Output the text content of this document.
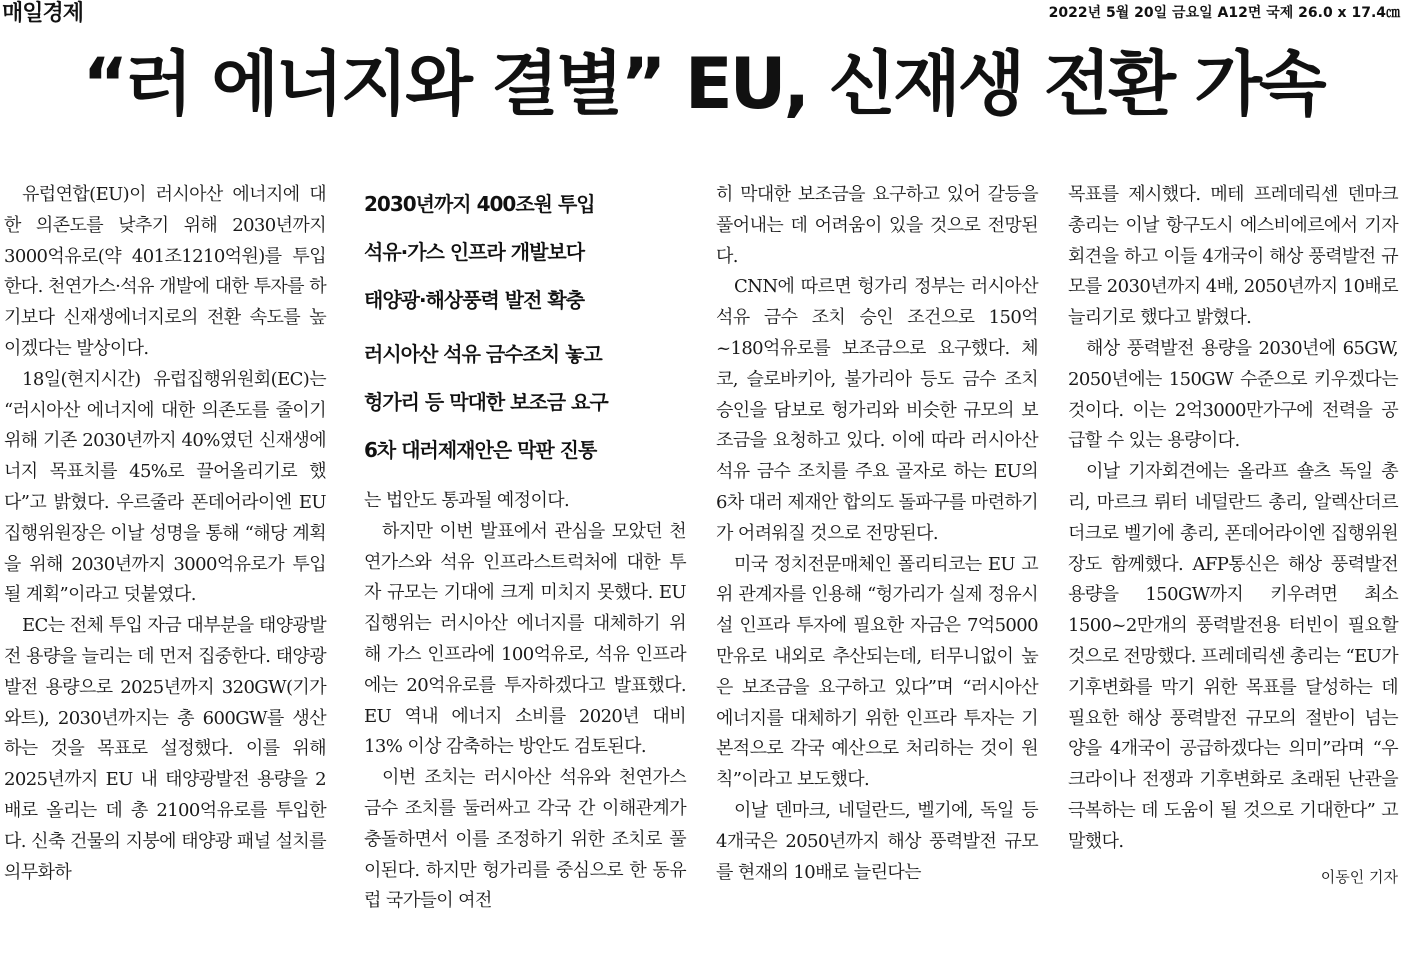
매일경제	2022년 5월 20일 금요일 A12면 국제 26.0 x 17.4㎝
“러 에너지와 결별” EU, 신재생 전환 가속

유럽연합(EU)이 러시아산 에너지에 대한 의존도를 낮추기 위해 2030년까지 3000억유로(약 401조1210억원)를 투입한다. 천연가스·석유 개발에 대한 투자를 하기보다 신재생에너지로의 전환 속도를 높이겠다는 발상이다.

18일(현지시간) 유럽집행위원회(EC)는 “러시아산 에너지에 대한 의존도를 줄이기 위해 기존 2030년까지 40%였던 신재생에너지 목표치를 45%로 끌어올리기로 했다”고 밝혔다. 우르줄라 폰데어라이엔 EU 집행위원장은 이날 성명을 통해 “해당 계획을 위해 2030년까지 3000억유로가 투입될 계획”이라고 덧붙였다.

EC는 전체 투입 자금 대부분을 태양광발전 용량을 늘리는 데 먼저 집중한다. 태양광발전 용량으로 2025년까지 320GW(기가와트), 2030년까지는 총 600GW를 생산하는 것을 목표로 설정했다. 이를 위해 2025년까지 EU 내 태양광발전 용량을 2배로 올리는 데 총 2100억유로를 투입한다. 신축 건물의 지붕에 태양광 패널 설치를 의무화하

2030년까지 400조원 투입
석유·가스 인프라 개발보다
태양광·해상풍력 발전 확충
러시아산 석유 금수조치 놓고
헝가리 등 막대한 보조금 요구
6차 대러제재안은 막판 진통

는 법안도 통과될 예정이다.

하지만 이번 발표에서 관심을 모았던 천연가스와 석유 인프라스트럭처에 대한 투자 규모는 기대에 크게 미치지 못했다. EU 집행위는 러시아산 에너지를 대체하기 위해 가스 인프라에 100억유로, 석유 인프라에는 20억유로를 투자하겠다고 발표했다. EU 역내 에너지 소비를 2020년 대비 13% 이상 감축하는 방안도 검토된다.

이번 조치는 러시아산 석유와 천연가스 금수 조치를 둘러싸고 각국 간 이해관계가 충돌하면서 이를 조정하기 위한 조치로 풀이된다. 하지만 헝가리를 중심으로 한 동유럽 국가들이 여전

히 막대한 보조금을 요구하고 있어 갈등을 풀어내는 데 어려움이 있을 것으로 전망된다.

CNN에 따르면 헝가리 정부는 러시아산 석유 금수 조치 승인 조건으로 150억~180억유로를 보조금으로 요구했다. 체코, 슬로바키아, 불가리아 등도 금수 조치 승인을 담보로 헝가리와 비슷한 규모의 보조금을 요청하고 있다. 이에 따라 러시아산 석유 금수 조치를 주요 골자로 하는 EU의 6차 대러 제재안 합의도 돌파구를 마련하기가 어려워질 것으로 전망된다.

미국 정치전문매체인 폴리티코는 EU 고위 관계자를 인용해 “헝가리가 실제 정유시설 인프라 투자에 필요한 자금은 7억5000만유로 내외로 추산되는데, 터무니없이 높은 보조금을 요구하고 있다”며 “러시아산 에너지를 대체하기 위한 인프라 투자는 기본적으로 각국 예산으로 처리하는 것이 원칙”이라고 보도했다.

이날 덴마크, 네덜란드, 벨기에, 독일 등 4개국은 2050년까지 해상 풍력발전 규모를 현재의 10배로 늘린다는

목표를 제시했다. 메테 프레데릭센 덴마크 총리는 이날 항구도시 에스비에르에서 기자회견을 하고 이들 4개국이 해상 풍력발전 규모를 2030년까지 4배, 2050년까지 10배로 늘리기로 했다고 밝혔다.

해상 풍력발전 용량을 2030년에 65GW, 2050년에는 150GW 수준으로 키우겠다는 것이다. 이는 2억3000만가구에 전력을 공급할 수 있는 용량이다.

이날 기자회견에는 올라프 숄츠 독일 총리, 마르크 뤼터 네덜란드 총리, 알렉산더르 더크로 벨기에 총리, 폰데어라이엔 집행위원장도 함께했다. AFP통신은 해상 풍력발전 용량을 150GW까지 키우려면 최소 1500~2만개의 풍력발전용 터빈이 필요할 것으로 전망했다. 프레데릭센 총리는 “EU가 기후변화를 막기 위한 목표를 달성하는 데 필요한 해상 풍력발전 규모의 절반이 넘는 양을 4개국이 공급하겠다는 의미”라며 “우크라이나 전쟁과 기후변화로 초래된 난관을 극복하는 데 도움이 될 것으로 기대한다” 고 말했다.

이동인 기자
